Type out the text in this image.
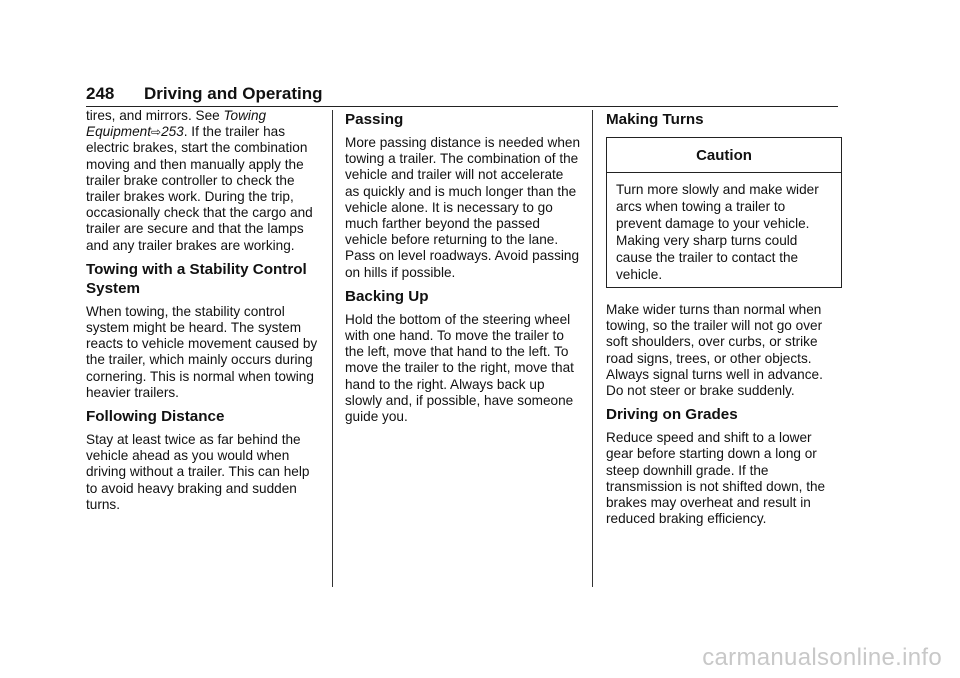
248 Driving and Operating

tires, and mirrors. See Towing Equipment⇨253. If the trailer has electric brakes, start the combination moving and then manually apply the trailer brake controller to check the trailer brakes work. During the trip, occasionally check that the cargo and trailer are secure and that the lamps and any trailer brakes are working.

Towing with a Stability Control System

When towing, the stability control system might be heard. The system reacts to vehicle movement caused by the trailer, which mainly occurs during cornering. This is normal when towing heavier trailers.

Following Distance

Stay at least twice as far behind the vehicle ahead as you would when driving without a trailer. This can help to avoid heavy braking and sudden turns.

Passing

More passing distance is needed when towing a trailer. The combination of the vehicle and trailer will not accelerate as quickly and is much longer than the vehicle alone. It is necessary to go much farther beyond the passed vehicle before returning to the lane. Pass on level roadways. Avoid passing on hills if possible.

Backing Up

Hold the bottom of the steering wheel with one hand. To move the trailer to the left, move that hand to the left. To move the trailer to the right, move that hand to the right. Always back up slowly and, if possible, have someone guide you.

Making Turns
Caution
Turn more slowly and make wider arcs when towing a trailer to prevent damage to your vehicle. Making very sharp turns could cause the trailer to contact the vehicle.

Make wider turns than normal when towing, so the trailer will not go over soft shoulders, over curbs, or strike road signs, trees, or other objects. Always signal turns well in advance. Do not steer or brake suddenly.

Driving on Grades

Reduce speed and shift to a lower gear before starting down a long or steep downhill grade. If the transmission is not shifted down, the brakes may overheat and result in reduced braking efficiency.

carmanualsonline.info
